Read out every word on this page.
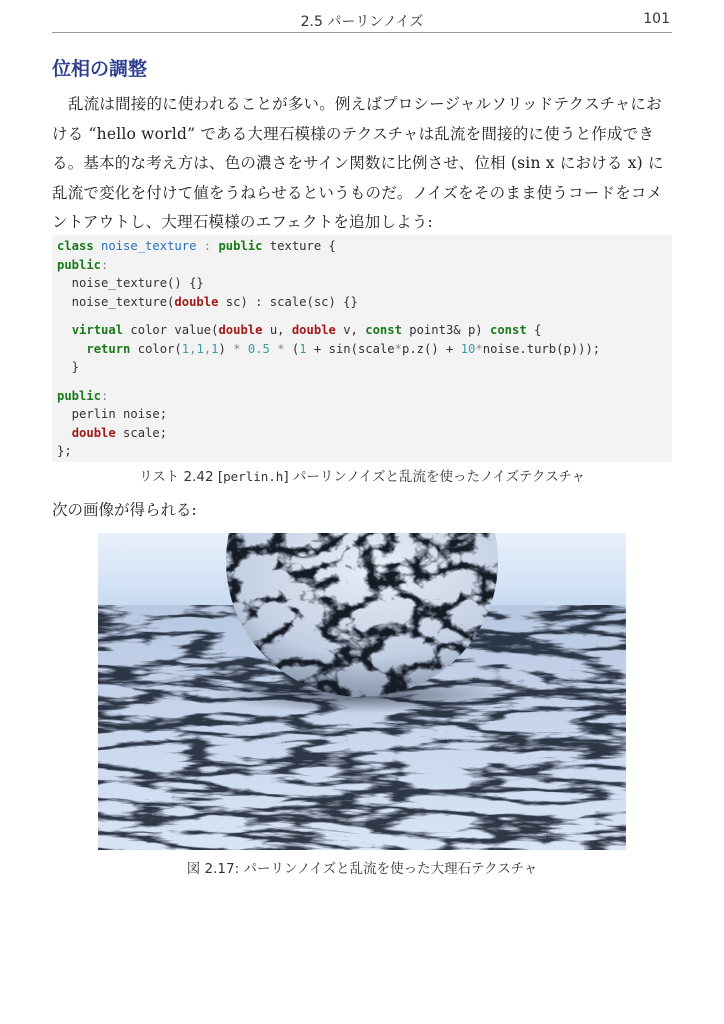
2.5 パーリンノイズ	101
位相の調整
乱流は間接的に使われることが多い。例えばプロシージャルソリッドテクスチャにおける “hello world” である大理石模様のテクスチャは乱流を間接的に使うと作成できる。基本的な考え方は、色の濃さをサイン関数に比例させ、位相 (sin x における x) に乱流で変化を付けて値をうねらせるというものだ。ノイズをそのまま使うコードをコメントアウトし、大理石模様のエフェクトを追加しよう:
class noise_texture : public texture {
public:
noise_texture() {}
noise_texture(double sc) : scale(sc) {}
virtual color value(double u, double v, const point3& p) const {
return color(1,1,1) * 0.5 * (1 + sin(scale*p.z() + 10*noise.turb(p)));
}
public:
perlin noise;
double scale;
};
リスト 2.42 [perlin.h] パーリンノイズと乱流を使ったノイズテクスチャ
次の画像が得られる:
図 2.17: パーリンノイズと乱流を使った大理石テクスチャ
